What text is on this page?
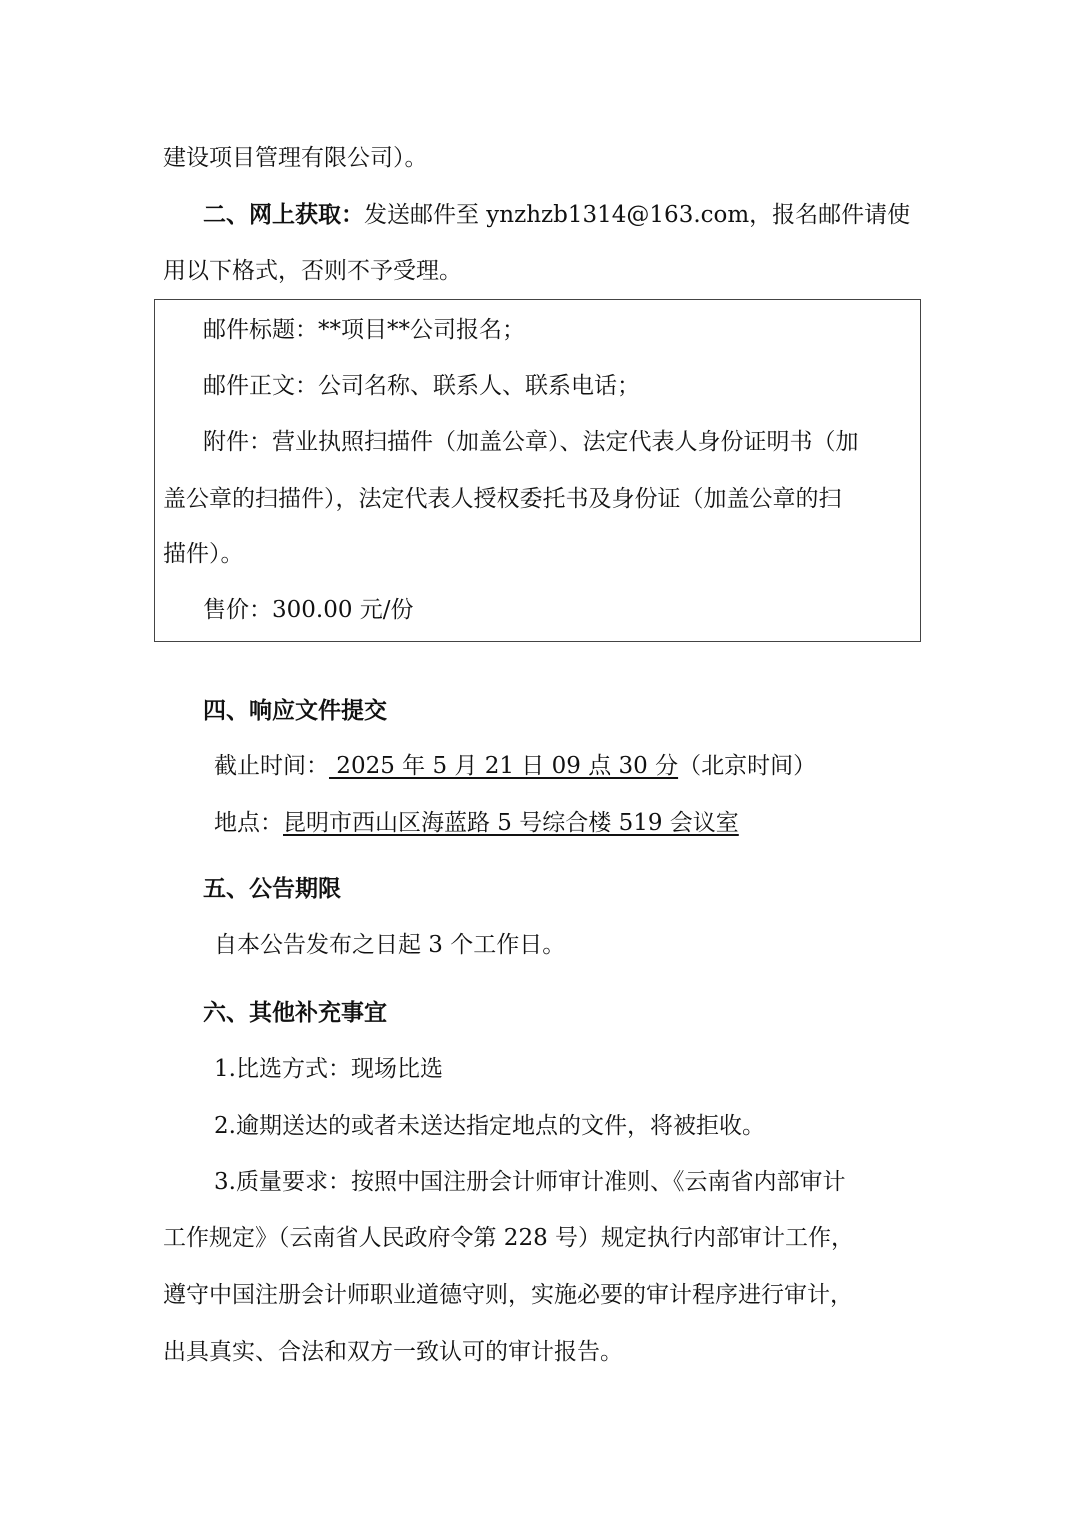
建设项目管理有限公司）。
二、网上获取：发送邮件至 ynzhzb1314@163.com，报名邮件请使
用以下格式，否则不予受理。
邮件标题：**项目**公司报名；
邮件正文：公司名称、联系人、联系电话；
附件：营业执照扫描件（加盖公章）、法定代表人身份证明书（加
盖公章的扫描件），法定代表人授权委托书及身份证（加盖公章的扫
描件）。
售价：300.00 元/份
四、响应文件提交
截止时间： 2025 年 5 月 21 日 09 点 30 分（北京时间）
地点：昆明市西山区海蓝路 5 号综合楼 519 会议室
五、公告期限
自本公告发布之日起 3 个工作日。
六、其他补充事宜
1.比选方式：现场比选
2.逾期送达的或者未送达指定地点的文件，将被拒收。
3.质量要求：按照中国注册会计师审计准则、《云南省内部审计
工作规定》（云南省人民政府令第 228 号）规定执行内部审计工作，
遵守中国注册会计师职业道德守则，实施必要的审计程序进行审计，
出具真实、合法和双方一致认可的审计报告。
